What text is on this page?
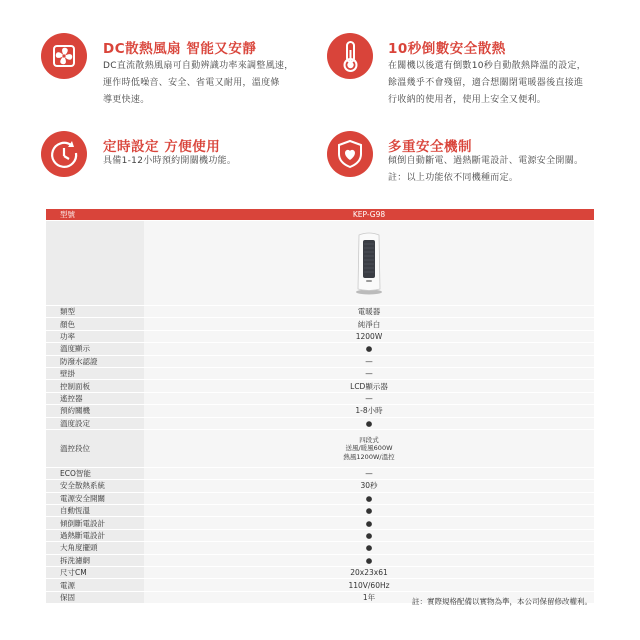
DC散熱風扇 智能又安靜
DC直流散熱風扇可自動辨識功率來調整風速，
運作時低噪音、安全、省電又耐用，溫度條
導更快速。
10秒倒數安全散熱
在關機以後還有倒數10秒自動散熱降溫的設定，
餘溫幾乎不會殘留，適合想關閉電暖器後直接進
行收納的使用者，使用上安全又便利。
定時設定 方便使用
具備1-12小時預約開關機功能。
多重安全機制
傾倒自動斷電、過熱斷電設計、電源安全開關。
註：以上功能依不同機種而定。
型號	KEP-G98

類型	電暖器
顏色	純淨白
功率	1200W
溫度顯示	●
防潑水認證	—
壁掛	—
控制面板	LCD顯示器
遙控器	—
預約關機	1-8小時
溫度設定	●
溫控段位	四段式
送風/暖風600W
熱風1200W/溫控

ECO智能	—
安全散熱系統	30秒
電源安全開關	●
自動恆溫	●
傾倒斷電設計	●
過熱斷電設計	●
大角度擺頭	●
拆洗濾網	●
尺寸CM	20x23x61
電源	110V/60Hz
保固	1年	註：實際規格配備以實物為準，本公司保留修改權利。
